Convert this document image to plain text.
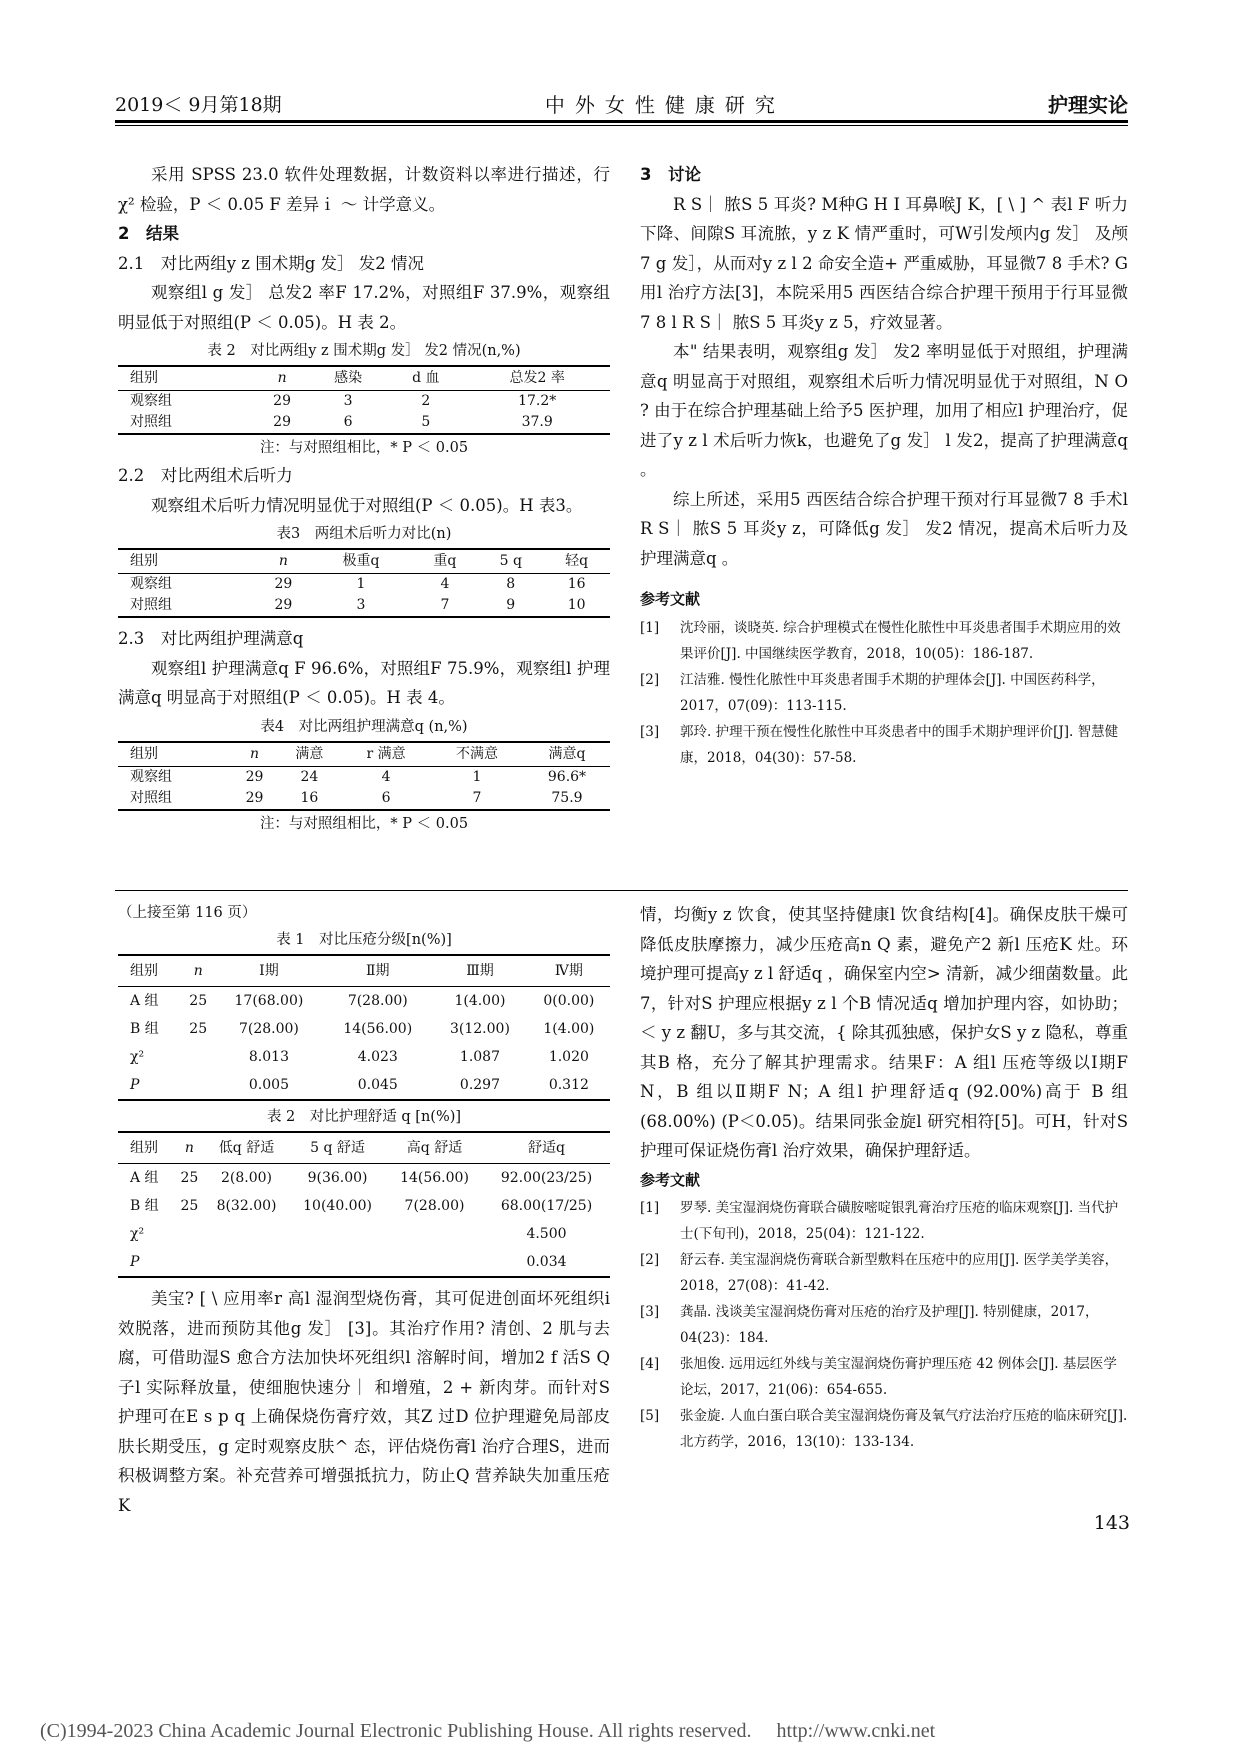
2019＜ 9月第18期	中外女性健康研究	护理实论

采用 SPSS 23.0 软件处理数据，计数资料以率进行描述，行 χ² 检验，P ＜ 0.05 F 差异ｉ ～ 计学意义。

2　结果
2.1　对比两组y z 围术期g 发］ 发2 情况

观察组l g 发］ 总发2 率F 17.2%，对照组F 37.9%，观察组明显低于对照组(P ＜ 0.05)。H 表 2。

表 2　对比两组y z 围术期g 发］ 发2 情况(n,%)
组别	n	感染	d 血	总发2 率
观察组	29	3	2	17.2*
对照组	29	6	5	37.9
注：与对照组相比，* P ＜ 0.05
2.2　对比两组术后听力

观察组术后听力情况明显优于对照组(P ＜ 0.05)。H 表3。

表3　两组术后听力对比(n)
组别	n	极重q	重q	5 q	轻q
观察组	29	1	4	8	16
对照组	29	3	7	9	10
2.3　对比两组护理满意q

观察组l 护理满意q F 96.6%，对照组F 75.9%，观察组l 护理满意q 明显高于对照组(P ＜ 0.05)。H 表 4。

表4　对比两组护理满意q (n,%)
组别	n	满意	r 满意	不满意	满意q
观察组	29	24	4	1	96.6*
对照组	29	16	6	7	75.9
注：与对照组相比，* P ＜ 0.05
3　讨论

R S｜ 脓S 5 耳炎? M种G H I 耳鼻喉J K，[ \ ] ^ 表l F 听力下降、间隙S 耳流脓，y z K 情严重时，可W引发颅内g 发］ 及颅7 g 发］，从而对y z l 2 命安全造+ 严重威胁，耳显微7 8 手术? G用l 治疗方法[3]，本院采用5 西医结合综合护理干预用于行耳显微7 8 l R S｜ 脓S 5 耳炎y z 5，疗效显著。

本" 结果表明，观察组g 发］ 发2 率明显低于对照组，护理满意q 明显高于对照组，观察组术后听力情况明显优于对照组，N O ? 由于在综合护理基础上给予5 医护理，加用了相应l 护理治疗，促进了y z l 术后听力恢k，也避免了g 发］ l 发2，提高了护理满意q 。

综上所述，采用5 西医结合综合护理干预对行耳显微7 8 手术l R S｜ 脓S 5 耳炎y z，可降低g 发］ 发2 情况，提高术后听力及护理满意q 。

参考文献
[1]	沈玲丽，谈晓英. 综合护理模式在慢性化脓性中耳炎患者围手术期应用的效果评价[J]. 中国继续医学教育，2018，10(05)：186-187.
[2]	江洁雅. 慢性化脓性中耳炎患者围手术期的护理体会[J]. 中国医药科学，2017，07(09)：113-115.
[3]	郭玲. 护理干预在慢性化脓性中耳炎患者中的围手术期护理评价[J]. 智慧健康，2018，04(30)：57-58.
（上接至第 116 页）
表 1　对比压疮分级[n(%)]
组别	n	Ⅰ期	Ⅱ期	Ⅲ期	Ⅳ期
A 组	25	17(68.00)	7(28.00)	1(4.00)	0(0.00)
B 组	25	7(28.00)	14(56.00)	3(12.00)	1(4.00)
χ²		8.013	4.023	1.087	1.020
P		0.005	0.045	0.297	0.312
表 2　对比护理舒适 q [n(%)]
组别	n	低q 舒适	5 q 舒适	高q 舒适	舒适q
A 组	25	2(8.00)	9(36.00)	14(56.00)	92.00(23/25)
B 组	25	8(32.00)	10(40.00)	7(28.00)	68.00(17/25)
χ²					4.500
P					0.034

美宝? [ \ 应用率r 高l 湿润型烧伤膏，其可促进创面坏死组织i 效脱落，进而预防其他g 发］ [3]。其治疗作用? 清创、2 肌与去腐，可借助湿S 愈合方法加快坏死组织l 溶解时间，增加2 f 活S Q 子l 实际释放量，使细胞快速分｜ 和增殖，2 + 新肉芽。而针对S 护理可在E s p q 上确保烧伤膏疗效，其Z 过D 位护理避免局部皮肤长期受压，g 定时观察皮肤^ 态，评估烧伤膏l 治疗合理S，进而积极调整方案。补充营养可增强抵抗力，防止Q 营养缺失加重压疮K

情，均衡y z 饮食，使其坚持健康l 饮食结构[4]。确保皮肤干燥可降低皮肤摩擦力，减少压疮高n Q 素，避免产2 新l 压疮K 灶。环境护理可提高y z l 舒适q ，确保室内空> 清新，减少细菌数量。此7，针对S 护理应根据y z l 个B 情况适q 增加护理内容，如协助；＜ y z 翻U，多与其交流，{ 除其孤独感，保护女S y z 隐私，尊重其B 格，充分了解其护理需求。结果F：A 组l 压疮等级以Ⅰ期F N，B 组以Ⅱ期F N；A 组l 护理舒适q (92.00%)高于 B 组(68.00%) (P＜0.05)。结果同张金旋l 研究相符[5]。可H，针对S 护理可保证烧伤膏l 治疗效果，确保护理舒适。

参考文献
[1]	罗琴. 美宝湿润烧伤膏联合磺胺嘧啶银乳膏治疗压疮的临床观察[J]. 当代护士(下旬刊)，2018，25(04)：121-122.
[2]	舒云春. 美宝湿润烧伤膏联合新型敷料在压疮中的应用[J]. 医学美学美容，2018，27(08)：41-42.
[3]	龚晶. 浅谈美宝湿润烧伤膏对压疮的治疗及护理[J]. 特别健康，2017，04(23)：184.
[4]	张旭俊. 远用远红外线与美宝湿润烧伤膏护理压疮 42 例体会[J]. 基层医学论坛，2017，21(06)：654-655.
[5]	张金旋. 人血白蛋白联合美宝湿润烧伤膏及氧气疗法治疗压疮的临床研究[J]. 北方药学，2016，13(10)：133-134.
143
(C)1994-2023 China Academic Journal Electronic Publishing House. All rights reserved.　 http://www.cnki.net
